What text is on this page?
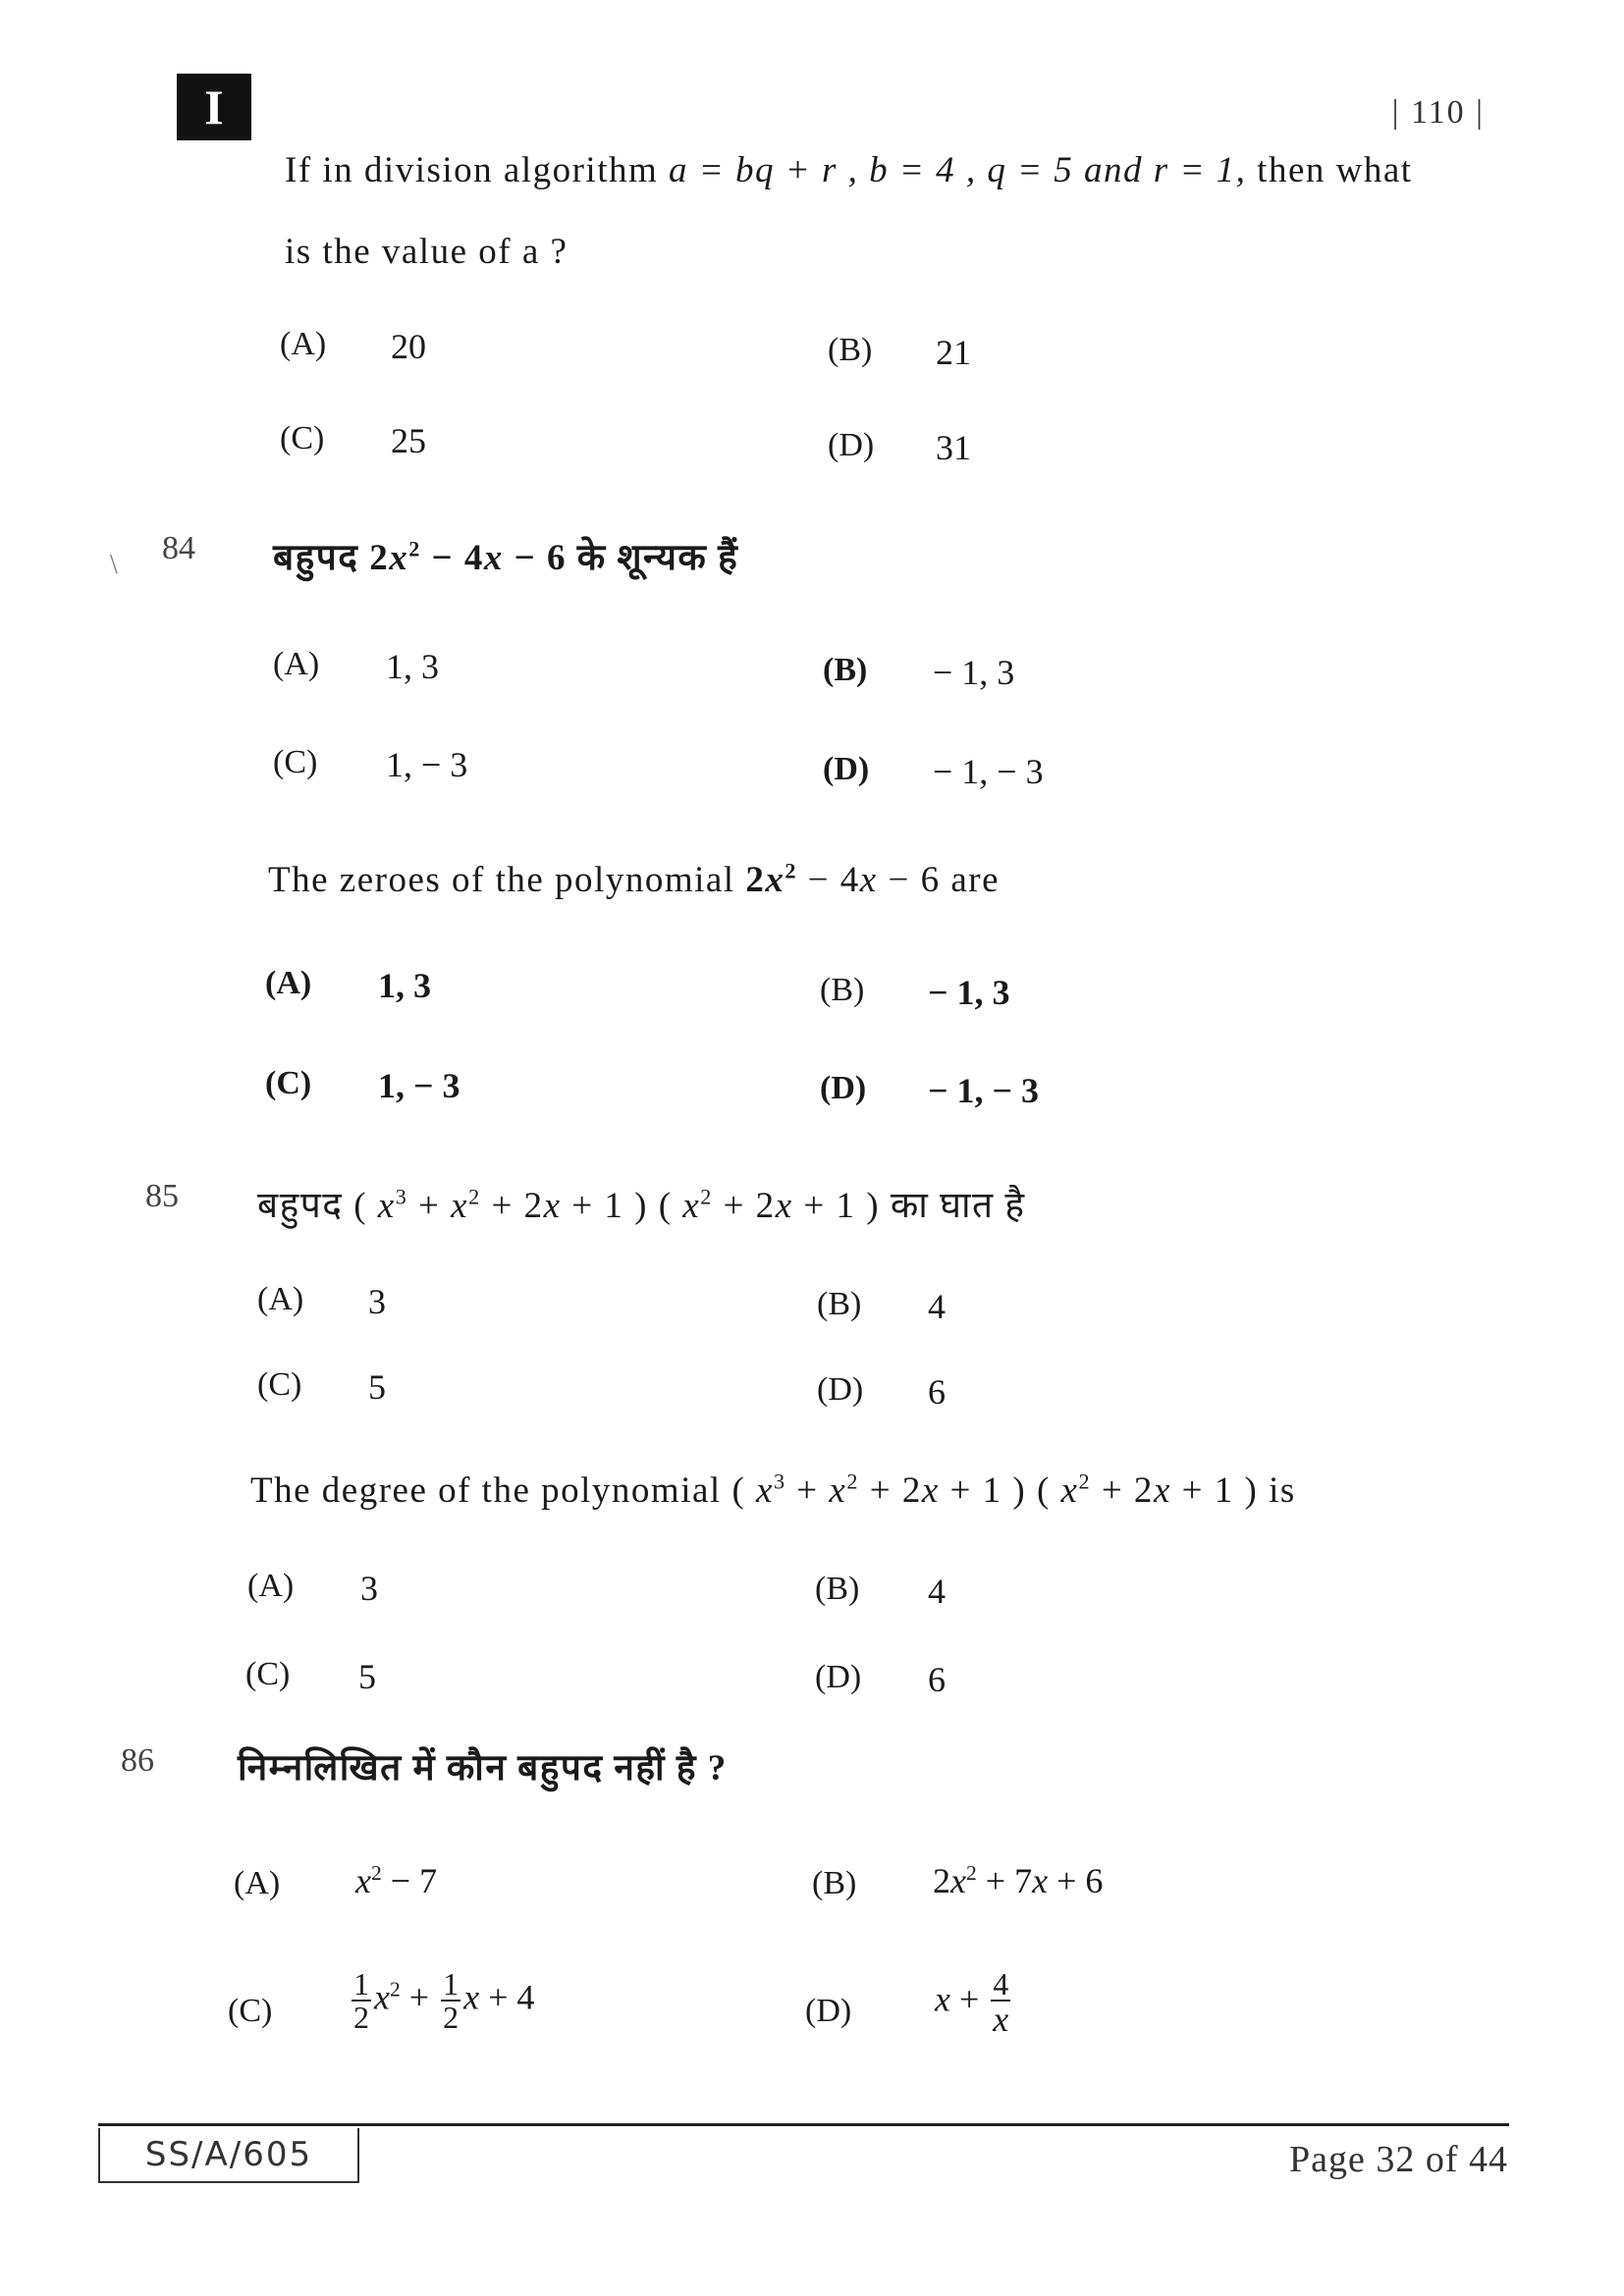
I	| 110 |
If in division algorithm a = bq + r , b = 4 , q = 5 and r = 1, then what
is the value of a ?
(A) 20	(B) 21
(C) 25	(D) 31
\ 84 बहुपद $2x^2 - 4x - 6$ के शून्यक हैं
(A) 1, 3	(B) − 1, 3
(C) 1, − 3	(D) − 1, − 3
The zeroes of the polynomial $2x^2 - 4x - 6$ are
(A) 1, 3	(B) − 1, 3
(C) 1, − 3	(D) − 1, − 3
85 बहुपद ( $x^3 + x^2 + 2x + 1$ ) ( $x^2 + 2x + 1$ ) का घात है
(A) 3	(B) 4
(C) 5	(D) 6
The degree of the polynomial ( $x^3 + x^2 + 2x + 1$ ) ( $x^2 + 2x + 1$ ) is
(A) 3	(B) 4
(C) 5	(D) 6
86 निम्नलिखित में कौन बहुपद नहीं है ?
(A) $x^2 - 7$	(B) $2x^2 + 7x + 6$
(C)	$\frac{1}{2} x^2 + \frac{1}{2}$ x + 4	(D) $x + \frac{4}{x}$
SS/A/605	Page 32 of 44
